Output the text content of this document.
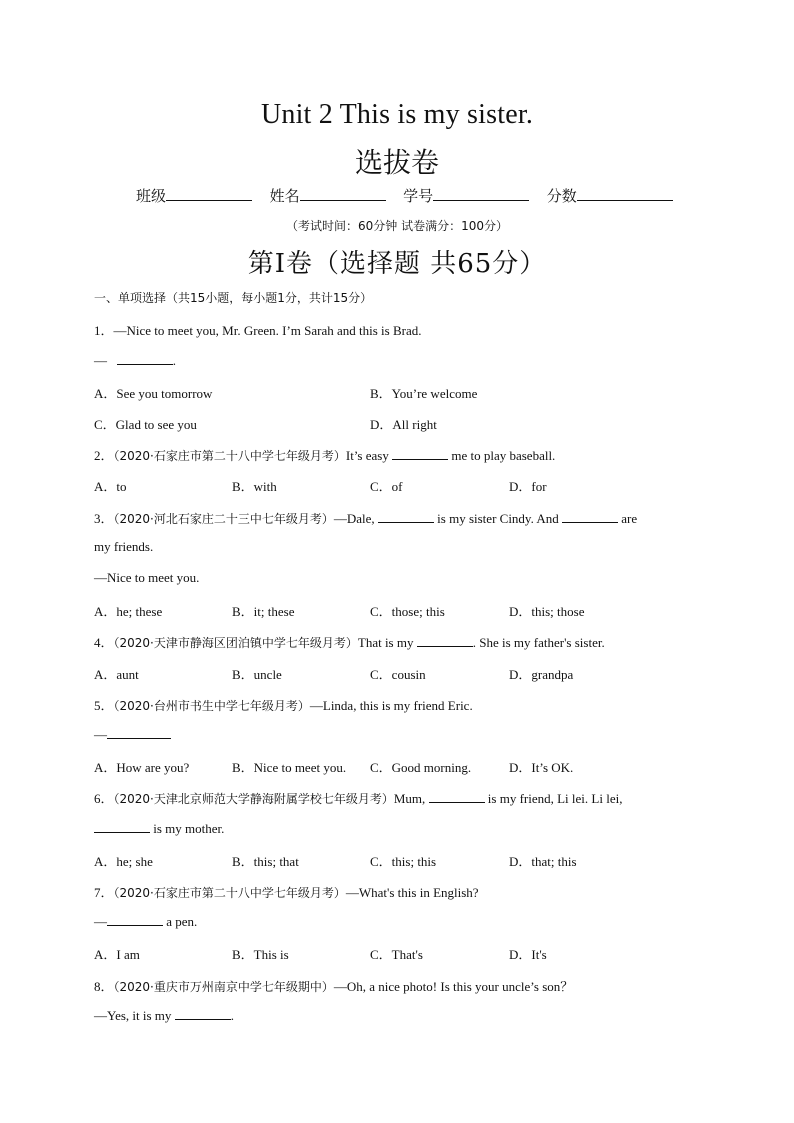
Unit 2 This is my sister.
选拔卷
班级	姓名	学号	分数
（考试时间：60分钟 试卷满分：100分）
第Ⅰ卷（选择题 共65分）
一、单项选择（共15小题，每小题1分，共计15分）
1．—Nice to meet you, Mr. Green. I’m Sarah and this is Brad.
—	.
A．See you tomorrow	B．You’re welcome
C．Glad to see you	D．All right
2．（2020·石家庄市第二十八中学七年级月考）It’s easy	me to play baseball.
A．to	B．with	C．of	D．for
3．（2020·河北石家庄二十三中七年级月考）—Dale,	is my sister Cindy. And	are
my friends.
—Nice to meet you.
A．he; these	B．it; these	C．those; this	D．this; those
4．（2020·天津市静海区团泊镇中学七年级月考）That is my	. She is my father's sister.
A．aunt	B．uncle	C．cousin	D．grandpa
5．（2020·台州市书生中学七年级月考）—Linda, this is my friend Eric.
—
A．How are you?	B．Nice to meet you. C．Good morning.	D．It’s OK.
6．（2020·天津北京师范大学静海附属学校七年级月考）Mum,	is my friend, Li lei. Li lei,
is my mother.
A．he; she	B．this; that	C．this; this	D．that; this
7．（2020·石家庄市第二十八中学七年级月考）—What's this in English?
—	a pen.
A．I am	B．This is	C．That's	D．It's
8．（2020·重庆市万州南京中学七年级期中）—Oh, a nice photo! Is this your uncle’s son？
—Yes, it is my	.
